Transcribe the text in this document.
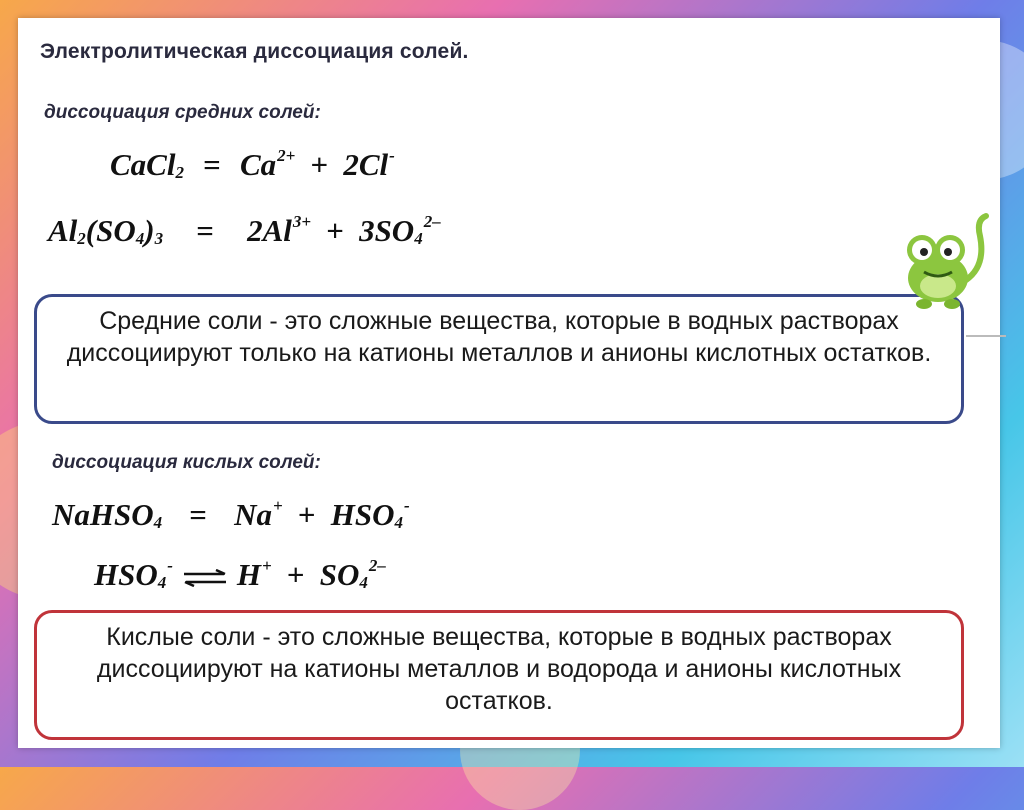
Электролитическая диссоциация солей.
диссоциация средних солей:
CaCl$_2$ = $Ca^{2+} + 2Cl^-$
$Al_2(SO_4)_3 = 2Al^{3+} + 3SO_4^{2-}$
Средние соли - это сложные вещества, которые в водных растворах диссоциируют только на катионы металлов и анионы кислотных остатков.
диссоциация кислых солей:
NaHSO$_4$ = $Na^+ + HSO_4^-$
$HSO_4^-$ ⇌H+ + $SO_4^{2-}$
Кислые соли - это сложные вещества, которые в водных растворах диссоциируют на катионы металлов и водорода и анионы кислотных остатков.
